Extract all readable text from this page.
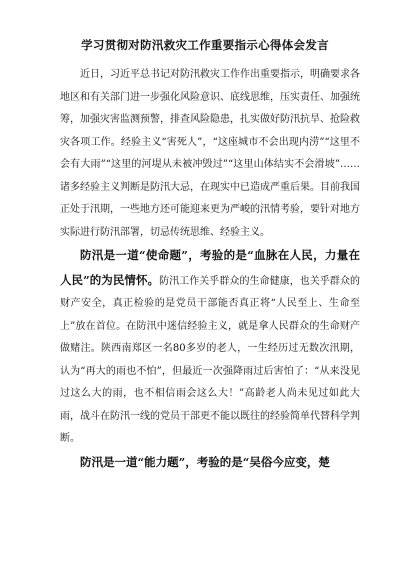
学习贯彻对防汛救灾工作重要指示心得体会发言

近日，习近平总书记对防汛救灾工作作出重要指示，明确要求各地区和有关部门进一步强化风险意识、底线思维，压实责任、加强统筹，加强灾害监测预警，排查风险隐患，扎实做好防汛抗旱、抢险救灾各项工作。经验主义“害死人”，“这座城市不会出现内涝”“这里不会有大雨”“这里的河堤从未被冲毁过”“这里山体结实不会滑坡”……诸多经验主义判断是防汛大忌，在现实中已造成严重后果。目前我国正处于汛期，一些地方还可能迎来更为严峻的汛情考验，要针对地方实际进行防汛部署，切忌传统思维、经验主义。

防汛是一道“使命题”，考验的是“血脉在人民，力量在人民”的为民情怀。防汛工作关乎群众的生命健康，也关乎群众的财产安全，真正检验的是党员干部能否真正将“人民至上、生命至上”放在首位。在防汛中迷信经验主义，就是拿人民群众的生命财产做赌注。陕西南郑区一名80多岁的老人，一生经历过无数次汛期，认为“再大的雨也不怕”，但最近一次强降雨过后害怕了：“从来没见过这么大的雨，也不相信雨会这么大！”高龄老人尚未见过如此大雨，战斗在防汛一线的党员干部更不能以既往的经验简单代替科学判断。

防汛是一道“能力题”，考验的是“吴俗今应变，楚
